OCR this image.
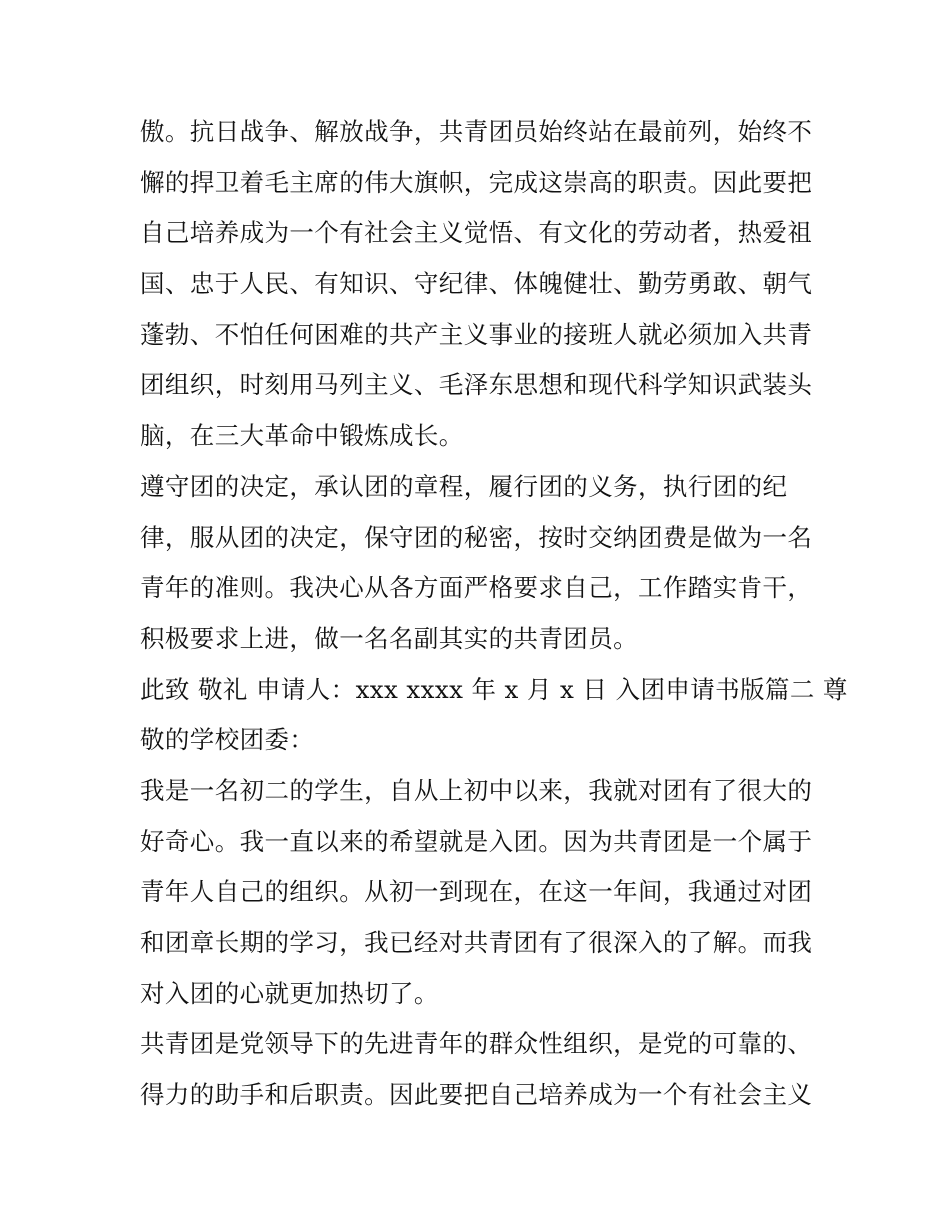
傲。抗日战争、解放战争，共青团员始终站在最前列，始终不
懈的捍卫着毛主席的伟大旗帜，完成这崇高的职责。因此要把
自己培养成为一个有社会主义觉悟、有文化的劳动者，热爱祖
国、忠于人民、有知识、守纪律、体魄健壮、勤劳勇敢、朝气
蓬勃、不怕任何困难的共产主义事业的接班人就必须加入共青
团组织，时刻用马列主义、毛泽东思想和现代科学知识武装头
脑，在三大革命中锻炼成长。
遵守团的决定，承认团的章程，履行团的义务，执行团的纪
律，服从团的决定，保守团的秘密，按时交纳团费是做为一名
青年的准则。我决心从各方面严格要求自己，工作踏实肯干，
积极要求上进，做一名名副其实的共青团员。
此致 敬礼 申请人：xxx xxxx 年 x 月 x 日 入团申请书版篇二 尊
敬的学校团委：
我是一名初二的学生，自从上初中以来，我就对团有了很大的
好奇心。我一直以来的希望就是入团。因为共青团是一个属于
青年人自己的组织。从初一到现在，在这一年间，我通过对团
和团章长期的学习，我已经对共青团有了很深入的了解。而我
对入团的心就更加热切了。
共青团是党领导下的先进青年的群众性组织，是党的可靠的、
得力的助手和后职责。因此要把自己培养成为一个有社会主义
